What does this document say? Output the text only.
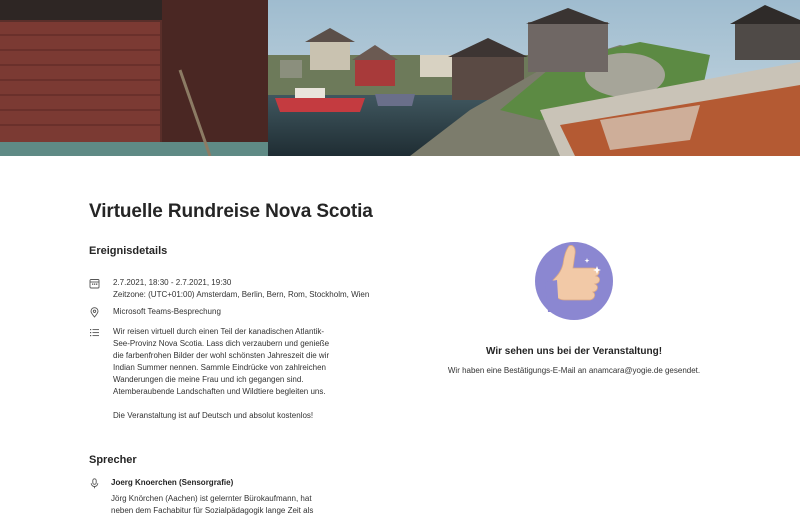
Virtuelle Rundreise Nova Scotia
Ereignisdetails
2.7.2021, 18:30 - 2.7.2021, 19:30
Zeitzone: (UTC+01:00) Amsterdam, Berlin, Bern, Rom, Stockholm, Wien
Microsoft Teams-Besprechung

Wir reisen virtuell durch einen Teil der kanadischen Atlantik-

See-Provinz Nova Scotia. Lass dich verzaubern und genieße

die farbenfrohen Bilder der wohl schönsten Jahreszeit die wir

Indian Summer nennen. Sammle Eindrücke von zahlreichen

Wanderungen die meine Frau und ich gegangen sind.

Atemberaubende Landschaften und Wildtiere begleiten uns.

Die Veranstaltung ist auf Deutsch und absolut kostenlos!

Sprecher
Joerg Knoerchen (Sensorgrafie)
Jörg Knörchen (Aachen) ist gelernter Bürokaufmann, hat
neben dem Fachabitur für Sozialpädagogik lange Zeit als
Wir sehen uns bei der Veranstaltung!
Wir haben eine Bestätigungs-E-Mail an anamcara@yogie.de gesendet.
